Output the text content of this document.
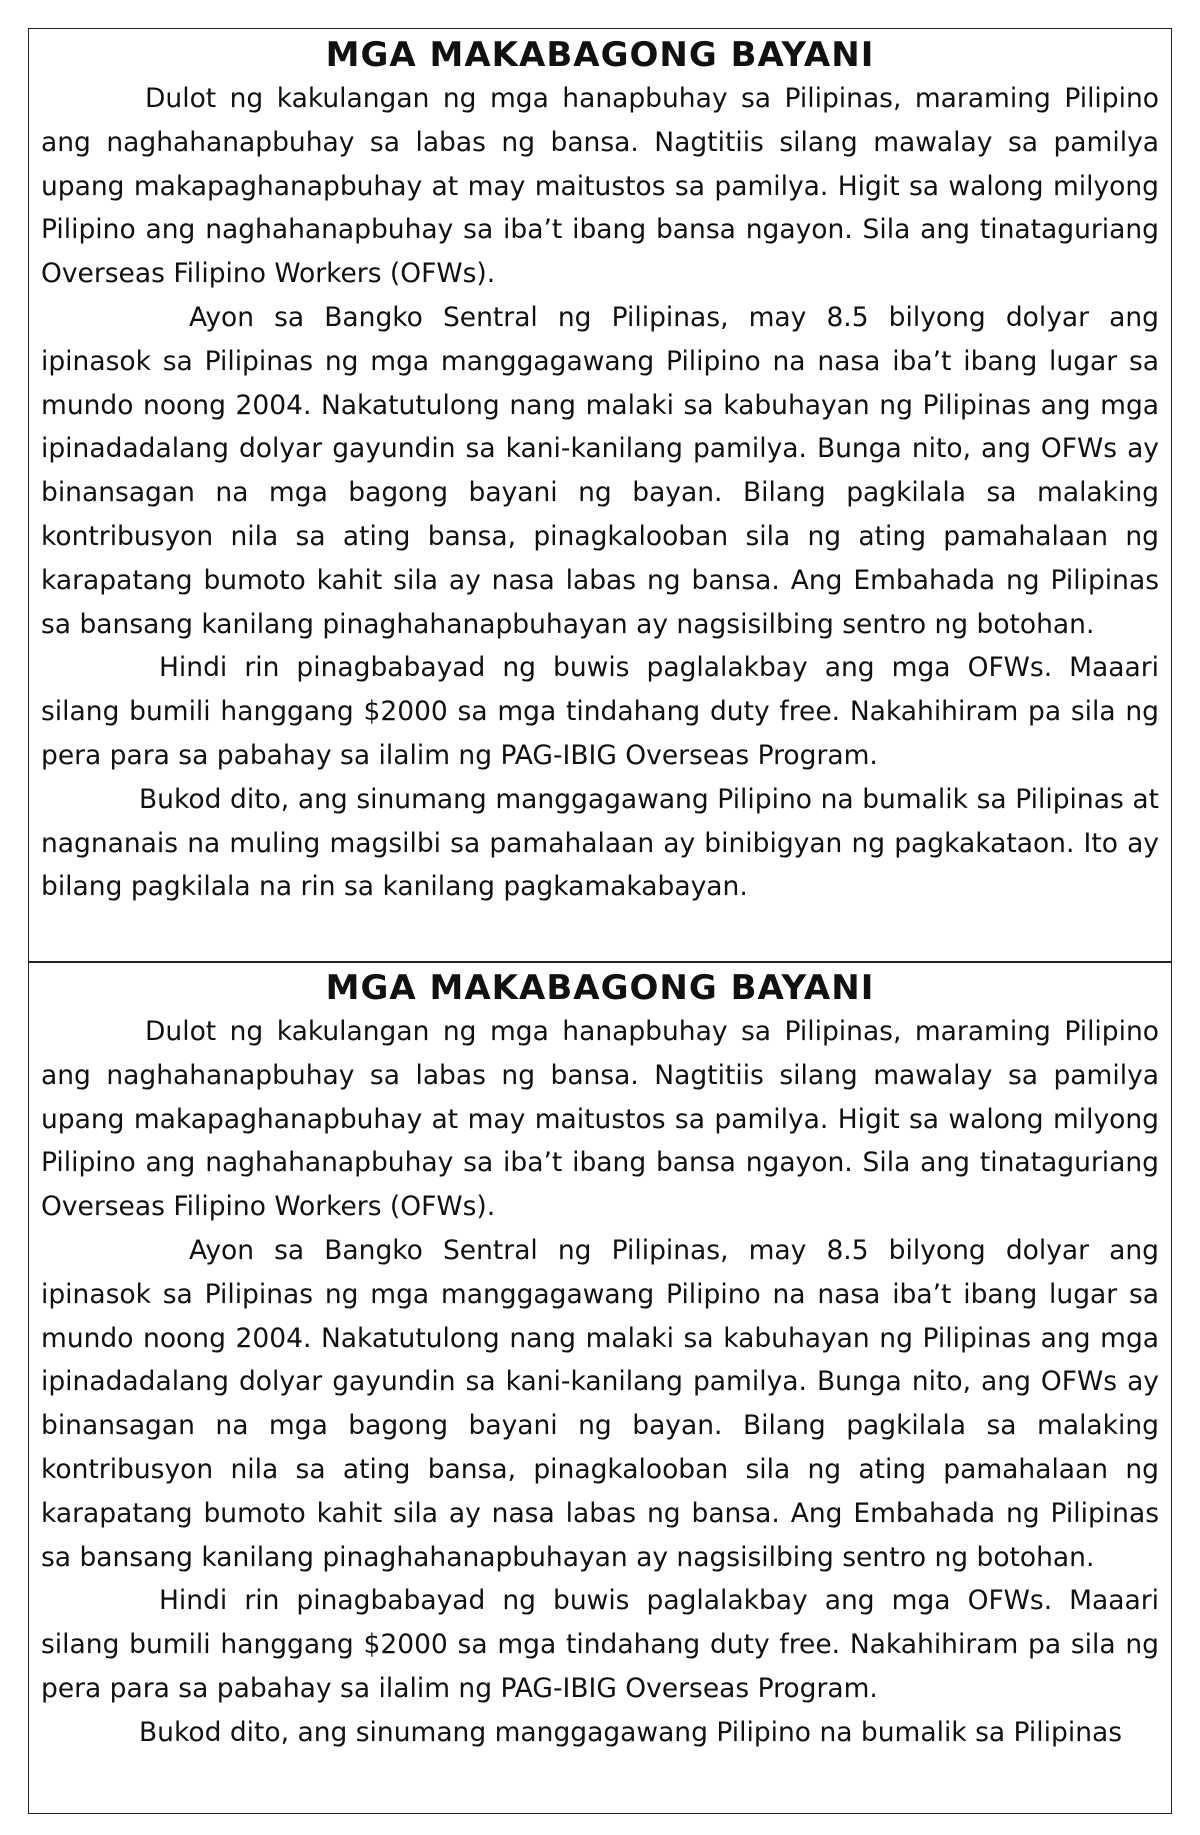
MGA MAKABAGONG BAYANI

Dulot ng kakulangan ng mga hanapbuhay sa Pilipinas, maraming Pilipino ang naghahanapbuhay sa labas ng bansa. Nagtitiis silang mawalay sa pamilya upang makapaghanapbuhay at may maitustos sa pamilya. Higit sa walong milyong Pilipino ang naghahanapbuhay sa iba’t ibang bansa ngayon. Sila ang tinataguriang Overseas Filipino Workers (OFWs).

Ayon sa Bangko Sentral ng Pilipinas, may 8.5 bilyong dolyar ang ipinasok sa Pilipinas ng mga manggagawang Pilipino na nasa iba’t ibang lugar sa mundo noong 2004. Nakatutulong nang malaki sa kabuhayan ng Pilipinas ang mga ipinadadalang dolyar gayundin sa kani-kanilang pamilya. Bunga nito, ang OFWs ay binansagan na mga bagong bayani ng bayan. Bilang pagkilala sa malaking kontribusyon nila sa ating bansa, pinagkalooban sila ng ating pamahalaan ng karapatang bumoto kahit sila ay nasa labas ng bansa. Ang Embahada ng Pilipinas sa bansang kanilang pinaghahanapbuhayan ay nagsisilbing sentro ng botohan.

Hindi rin pinagbabayad ng buwis paglalakbay ang mga OFWs. Maaari silang bumili hanggang $2000 sa mga tindahang duty free. Nakahihiram pa sila ng pera para sa pabahay sa ilalim ng PAG-IBIG Overseas Program.

Bukod dito, ang sinumang manggagawang Pilipino na bumalik sa Pilipinas at nagnanais na muling magsilbi sa pamahalaan ay binibigyan ng pagkakataon. Ito ay bilang pagkilala na rin sa kanilang pagkamakabayan.

MGA MAKABAGONG BAYANI

Dulot ng kakulangan ng mga hanapbuhay sa Pilipinas, maraming Pilipino ang naghahanapbuhay sa labas ng bansa. Nagtitiis silang mawalay sa pamilya upang makapaghanapbuhay at may maitustos sa pamilya. Higit sa walong milyong Pilipino ang naghahanapbuhay sa iba’t ibang bansa ngayon. Sila ang tinataguriang Overseas Filipino Workers (OFWs).

Ayon sa Bangko Sentral ng Pilipinas, may 8.5 bilyong dolyar ang ipinasok sa Pilipinas ng mga manggagawang Pilipino na nasa iba’t ibang lugar sa mundo noong 2004. Nakatutulong nang malaki sa kabuhayan ng Pilipinas ang mga ipinadadalang dolyar gayundin sa kani-kanilang pamilya. Bunga nito, ang OFWs ay binansagan na mga bagong bayani ng bayan. Bilang pagkilala sa malaking kontribusyon nila sa ating bansa, pinagkalooban sila ng ating pamahalaan ng karapatang bumoto kahit sila ay nasa labas ng bansa. Ang Embahada ng Pilipinas sa bansang kanilang pinaghahanapbuhayan ay nagsisilbing sentro ng botohan.

Hindi rin pinagbabayad ng buwis paglalakbay ang mga OFWs. Maaari silang bumili hanggang $2000 sa mga tindahang duty free. Nakahihiram pa sila ng pera para sa pabahay sa ilalim ng PAG-IBIG Overseas Program.

Bukod dito, ang sinumang manggagawang Pilipino na bumalik sa Pilipinas
